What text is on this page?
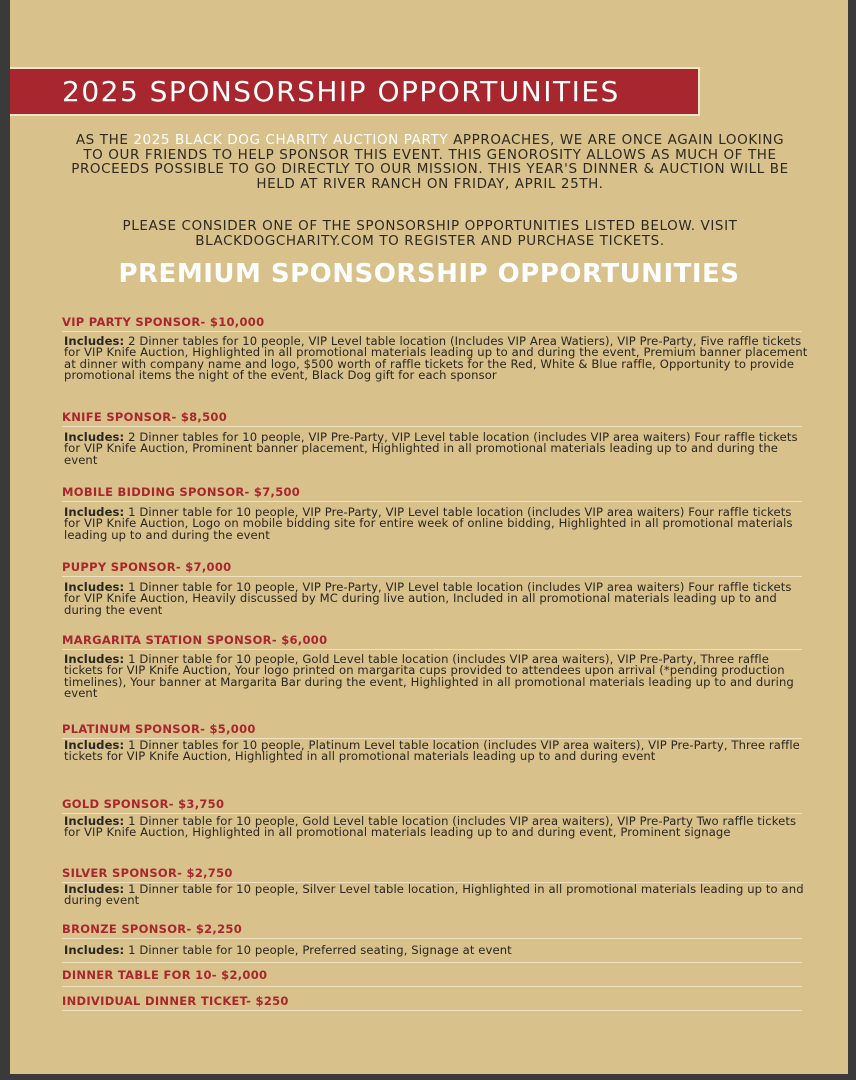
2025 SPONSORSHIP OPPORTUNITIES
AS THE 2025 BLACK DOG CHARITY AUCTION PARTY APPROACHES, WE ARE ONCE AGAIN LOOKING TO OUR FRIENDS TO HELP SPONSOR THIS EVENT. THIS GENOROSITY ALLOWS AS MUCH OF THE PROCEEDS POSSIBLE TO GO DIRECTLY TO OUR MISSION. THIS YEAR'S DINNER & AUCTION WILL BE HELD AT RIVER RANCH ON FRIDAY, APRIL 25TH.
PLEASE CONSIDER ONE OF THE SPONSORSHIP OPPORTUNITIES LISTED BELOW. VISIT BLACKDOGCHARITY.COM TO REGISTER AND PURCHASE TICKETS.
PREMIUM SPONSORSHIP OPPORTUNITIES
VIP PARTY SPONSOR- $10,000
Includes: 2 Dinner tables for 10 people, VIP Level table location (Includes VIP Area Watiers), VIP Pre-Party, Five raffle tickets for VIP Knife Auction, Highlighted in all promotional materials leading up to and during the event, Premium banner placement at dinner with company name and logo, $500 worth of raffle tickets for the Red, White & Blue raffle, Opportunity to provide promotional items the night of the event, Black Dog gift for each sponsor
KNIFE SPONSOR- $8,500
Includes: 2 Dinner tables for 10 people, VIP Pre-Party, VIP Level table location (includes VIP area waiters) Four raffle tickets for VIP Knife Auction, Prominent banner placement, Highlighted in all promotional materials leading up to and during the event
MOBILE BIDDING SPONSOR- $7,500
Includes: 1 Dinner table for 10 people, VIP Pre-Party, VIP Level table location (includes VIP area waiters) Four raffle tickets for VIP Knife Auction, Logo on mobile bidding site for entire week of online bidding, Highlighted in all promotional materials leading up to and during the event
PUPPY SPONSOR- $7,000
Includes: 1 Dinner table for 10 people, VIP Pre-Party, VIP Level table location (includes VIP area waiters) Four raffle tickets for VIP Knife Auction, Heavily discussed by MC during live aution, Included in all promotional materials leading up to and during the event
MARGARITA STATION SPONSOR- $6,000
Includes: 1 Dinner table for 10 people, Gold Level table location (includes VIP area waiters), VIP Pre-Party, Three raffle tickets for VIP Knife Auction, Your logo printed on margarita cups provided to attendees upon arrival (*pending production timelines), Your banner at Margarita Bar during the event, Highlighted in all promotional materials leading up to and during event
PLATINUM SPONSOR- $5,000
Includes: 1 Dinner tables for 10 people, Platinum Level table location (includes VIP area waiters), VIP Pre-Party, Three raffle tickets for VIP Knife Auction, Highlighted in all promotional materials leading up to and during event
GOLD SPONSOR- $3,750
Includes: 1 Dinner table for 10 people, Gold Level table location (includes VIP area waiters), VIP Pre-Party Two raffle tickets for VIP Knife Auction, Highlighted in all promotional materials leading up to and during event, Prominent signage
SILVER SPONSOR- $2,750
Includes: 1 Dinner table for 10 people, Silver Level table location, Highlighted in all promotional materials leading up to and during event
BRONZE SPONSOR- $2,250
Includes: 1 Dinner table for 10 people, Preferred seating, Signage at event
DINNER TABLE FOR 10- $2,000
INDIVIDUAL DINNER TICKET- $250
